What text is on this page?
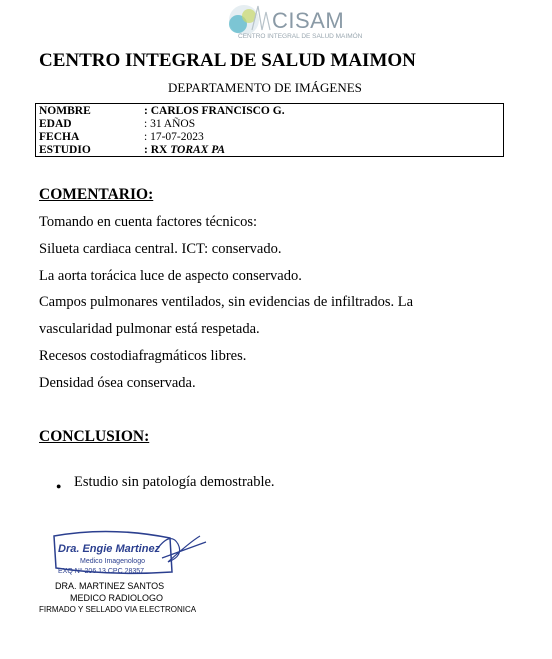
CISAM
CENTRO INTEGRAL DE SALUD MAIMÓN
CENTRO INTEGRAL DE SALUD MAIMON
DEPARTAMENTO DE IMÁGENES
NOMBRE	: CARLOS FRANCISCO G.
EDAD	: 31 AÑOS
FECHA	: 17-07-2023
ESTUDIO	: RX TORAX PA
COMENTARIO:
Tomando en cuenta factores técnicos:
Silueta cardiaca central. ICT: conservado.
La aorta torácica luce de aspecto conservado.
Campos pulmonares ventilados, sin evidencias de infiltrados. La
vascularidad pulmonar está respetada.
Recesos costodiafragmáticos libres.
Densidad ósea conservada.
CONCLUSION:
● Estudio sin patología demostrable.
Dra. Engie Martinez
Medico Imagenologo
EXQ N° 206 13 CPC 28357
DRA. MARTINEZ SANTOS
MEDICO RADIOLOGO
FIRMADO Y SELLADO VIA ELECTRONICA
